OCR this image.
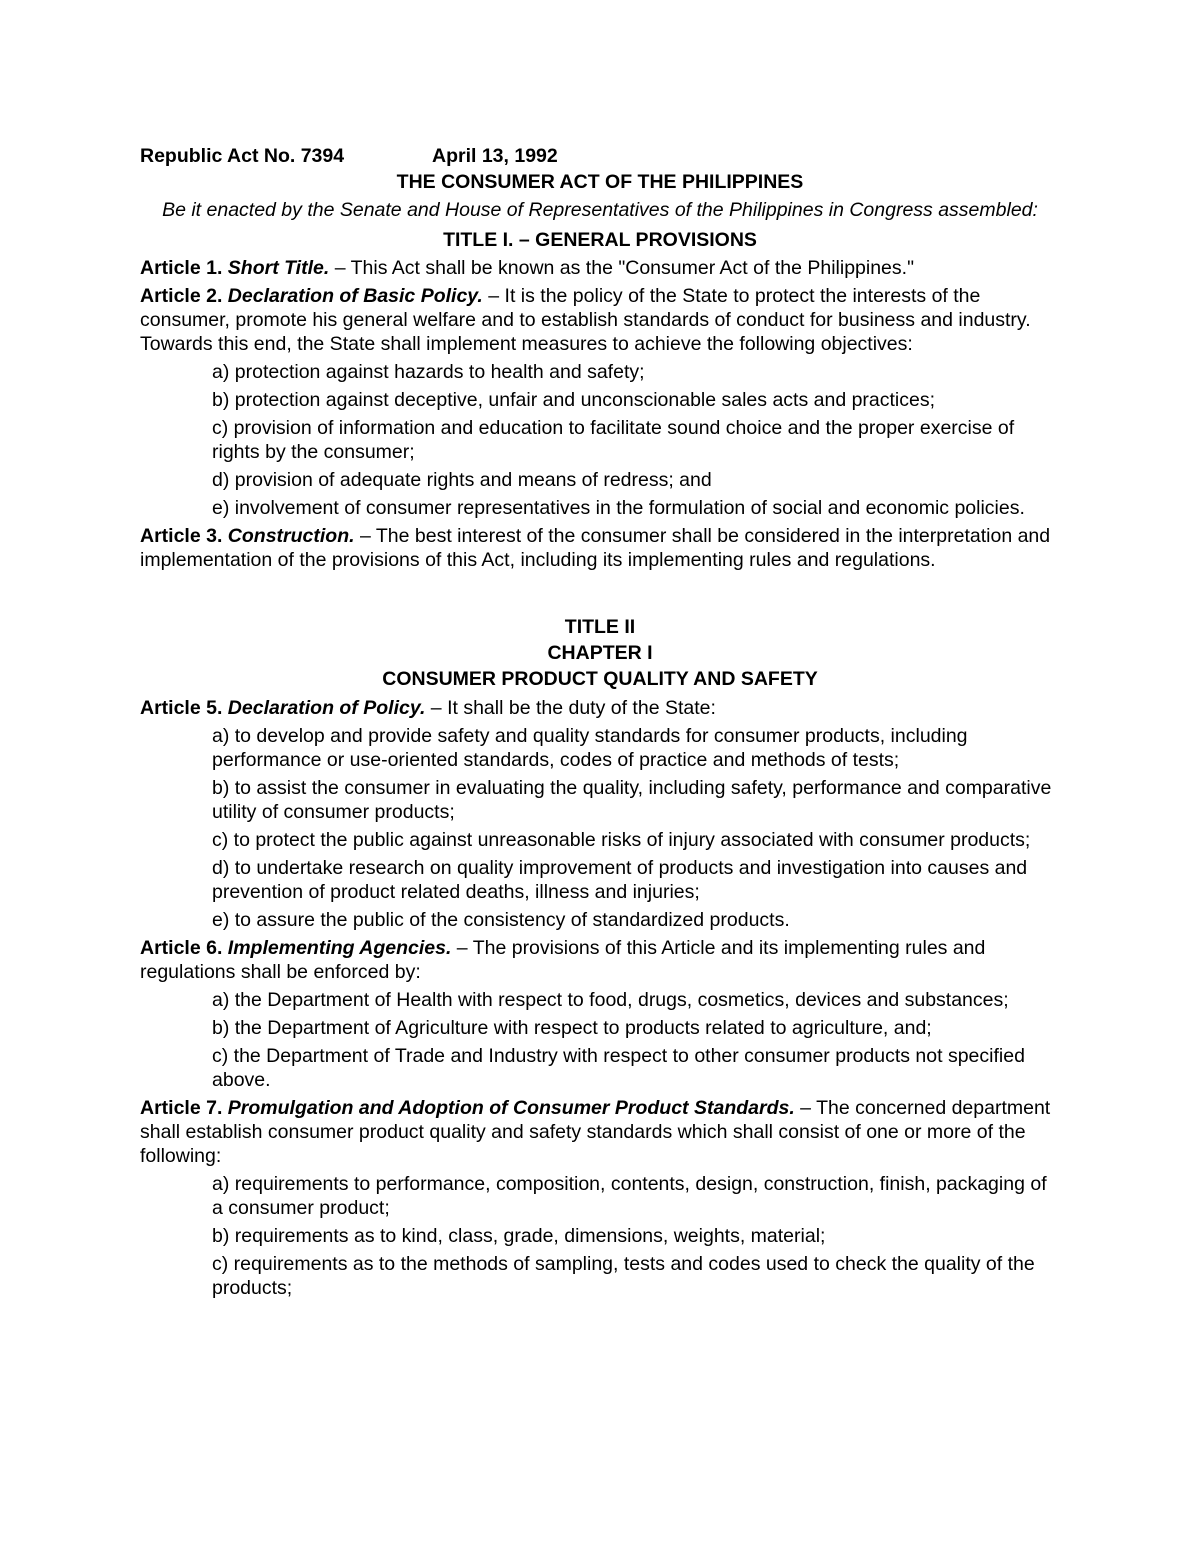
Republic Act No. 7394	April 13, 1992
THE CONSUMER ACT OF THE PHILIPPINES
Be it enacted by the Senate and House of Representatives of the Philippines in Congress assembled:
TITLE I. – GENERAL PROVISIONS
Article 1. Short Title. – This Act shall be known as the "Consumer Act of the Philippines."
Article 2. Declaration of Basic Policy. – It is the policy of the State to protect the interests of the consumer, promote his general welfare and to establish standards of conduct for business and industry. Towards this end, the State shall implement measures to achieve the following objectives:
a) protection against hazards to health and safety;
b) protection against deceptive, unfair and unconscionable sales acts and practices;
c) provision of information and education to facilitate sound choice and the proper exercise of rights by the consumer;
d) provision of adequate rights and means of redress; and
e) involvement of consumer representatives in the formulation of social and economic policies.
Article 3. Construction. – The best interest of the consumer shall be considered in the interpretation and implementation of the provisions of this Act, including its implementing rules and regulations.
TITLE II
CHAPTER I
CONSUMER PRODUCT QUALITY AND SAFETY
Article 5. Declaration of Policy. – It shall be the duty of the State:
a) to develop and provide safety and quality standards for consumer products, including performance or use-oriented standards, codes of practice and methods of tests;
b) to assist the consumer in evaluating the quality, including safety, performance and comparative utility of consumer products;
c) to protect the public against unreasonable risks of injury associated with consumer products;
d) to undertake research on quality improvement of products and investigation into causes and prevention of product related deaths, illness and injuries;
e) to assure the public of the consistency of standardized products.
Article 6. Implementing Agencies. – The provisions of this Article and its implementing rules and regulations shall be enforced by:
a) the Department of Health with respect to food, drugs, cosmetics, devices and substances;
b) the Department of Agriculture with respect to products related to agriculture, and;
c) the Department of Trade and Industry with respect to other consumer products not specified above.
Article 7. Promulgation and Adoption of Consumer Product Standards. – The concerned department shall establish consumer product quality and safety standards which shall consist of one or more of the following:
a) requirements to performance, composition, contents, design, construction, finish, packaging of a consumer product;
b) requirements as to kind, class, grade, dimensions, weights, material;
c) requirements as to the methods of sampling, tests and codes used to check the quality of the products;
